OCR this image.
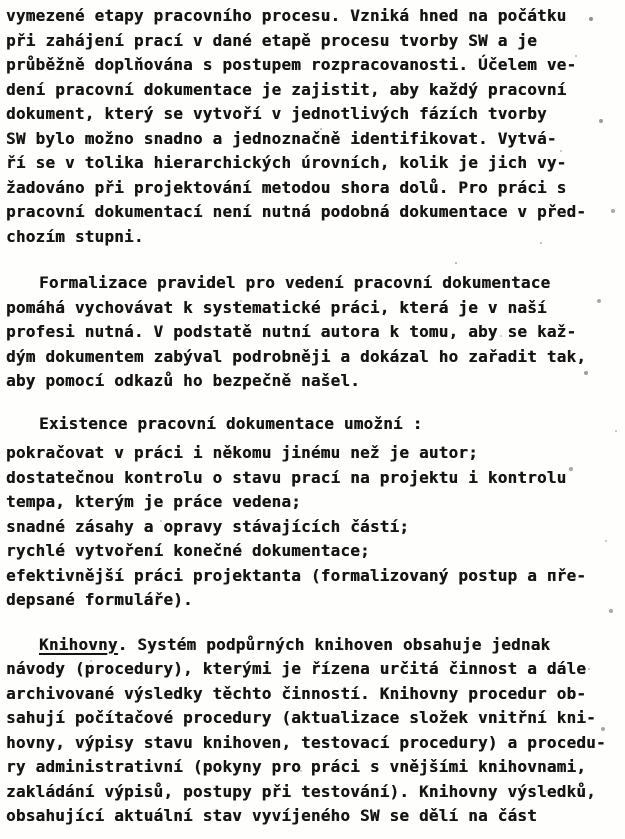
vymezené etapy pracovního procesu. Vzniká hned na počátku
při zahájení prací v dané etapě procesu tvorby SW a je
průběžně doplňována s postupem rozpracovanosti. Účelem ve-
dení pracovní dokumentace je zajistit, aby každý pracovní
dokument, který se vytvoří v jednotlivých fázích tvorby
SW bylo možno snadno a jednoznačně identifikovat. Vytvá-
ří se v tolika hierarchických úrovních, kolik je jich vy-
žadováno při projektování metodou shora dolů. Pro práci s
pracovní dokumentací není nutná podobná dokumentace v před-
chozím stupni.
Formalizace pravidel pro vedení pracovní dokumentace
pomáhá vychovávat k systematické práci, která je v naší
profesi nutná. V podstatě nutní autora k tomu, aby se kaž-
dým dokumentem zabýval podrobněji a dokázal ho zařadit tak,
aby pomocí odkazů ho bezpečně našel.
Existence pracovní dokumentace umožní :
pokračovat v práci i někomu jinému než je autor;
dostatečnou kontrolu o stavu prací na projektu i kontrolu
tempa, kterým je práce vedena;
snadné zásahy a opravy stávajících částí;
rychlé vytvoření konečné dokumentace;
efektivnější práci projektanta (formalizovaný postup a пře-
depsané formuláře).
Knihovny. Systém podpůrných knihoven obsahuje jednak
návody (procedury), kterými je řízena určitá činnost a dále
archivované výsledky těchto činností. Knihovny procedur ob-
sahují počítačové procedury (aktualizace složek vnitřní kni-
hovny, výpisy stavu knihoven, testovací procedury) a procedu-
ry administrativní (pokyny pro práci s vnějšími knihovnami,
zakládání výpisů, postupy při testování). Knihovny výsledků,
obsahující aktuální stav vyvíjeného SW se dělí na část
